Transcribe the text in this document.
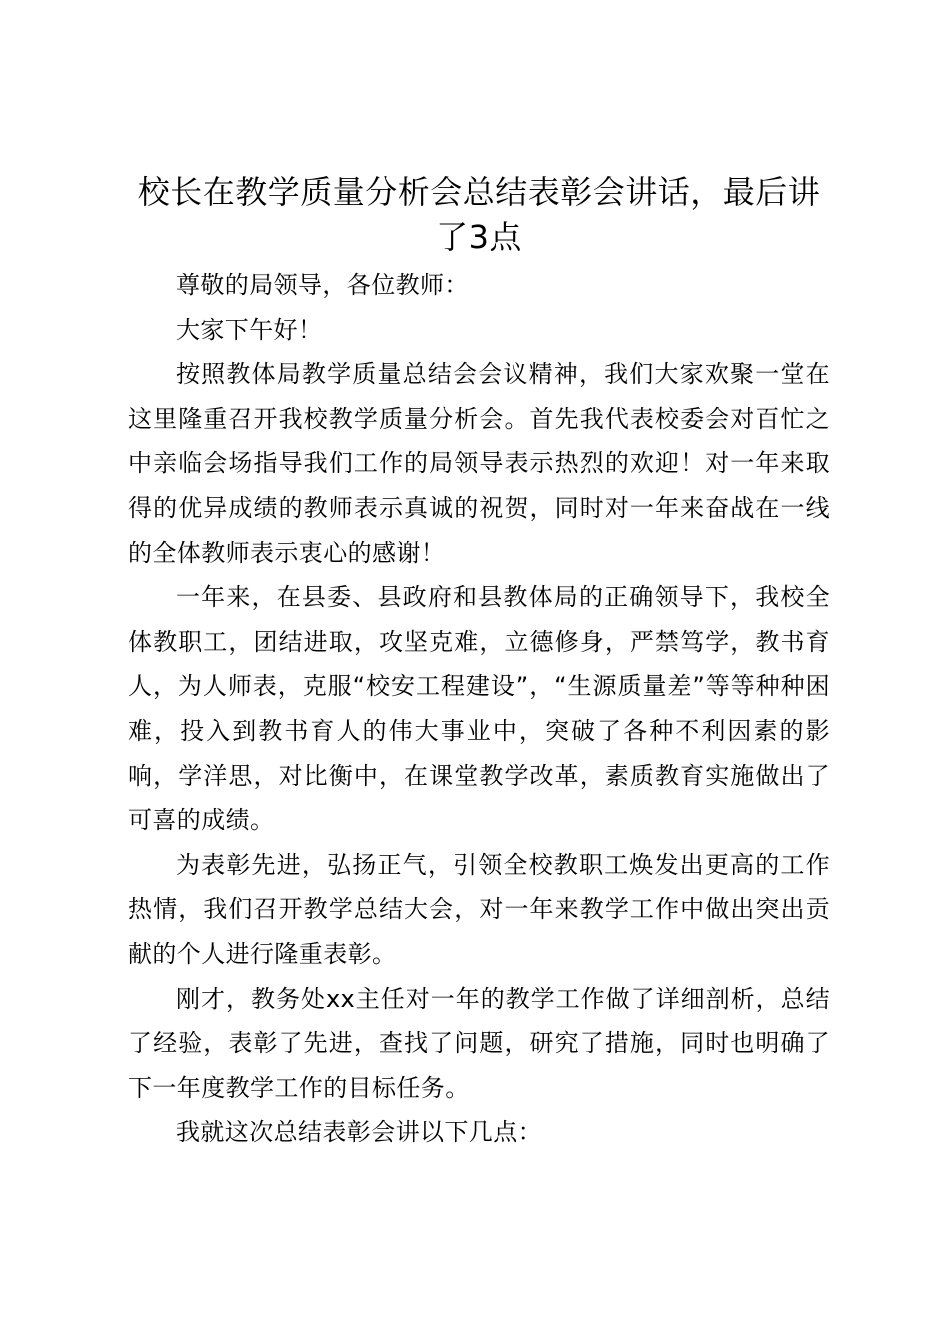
校长在教学质量分析会总结表彰会讲话，最后讲了3点

尊敬的局领导，各位教师：

大家下午好！

按照教体局教学质量总结会会议精神，我们大家欢聚一堂在这里隆重召开我校教学质量分析会。首先我代表校委会对百忙之中亲临会场指导我们工作的局领导表示热烈的欢迎！对一年来取得的优异成绩的教师表示真诚的祝贺，同时对一年来奋战在一线的全体教师表示衷心的感谢！

一年来，在县委、县政府和县教体局的正确领导下，我校全体教职工，团结进取，攻坚克难，立德修身，严禁笃学，教书育人，为人师表，克服“校安工程建设”，“生源质量差”等等种种困难，投入到教书育人的伟大事业中，突破了各种不利因素的影响，学洋思，对比衡中，在课堂教学改革，素质教育实施做出了可喜的成绩。

为表彰先进，弘扬正气，引领全校教职工焕发出更高的工作热情，我们召开教学总结大会，对一年来教学工作中做出突出贡献的个人进行隆重表彰。

刚才，教务处xx主任对一年的教学工作做了详细剖析，总结了经验，表彰了先进，查找了问题，研究了措施，同时也明确了下一年度教学工作的目标任务。

我就这次总结表彰会讲以下几点：
